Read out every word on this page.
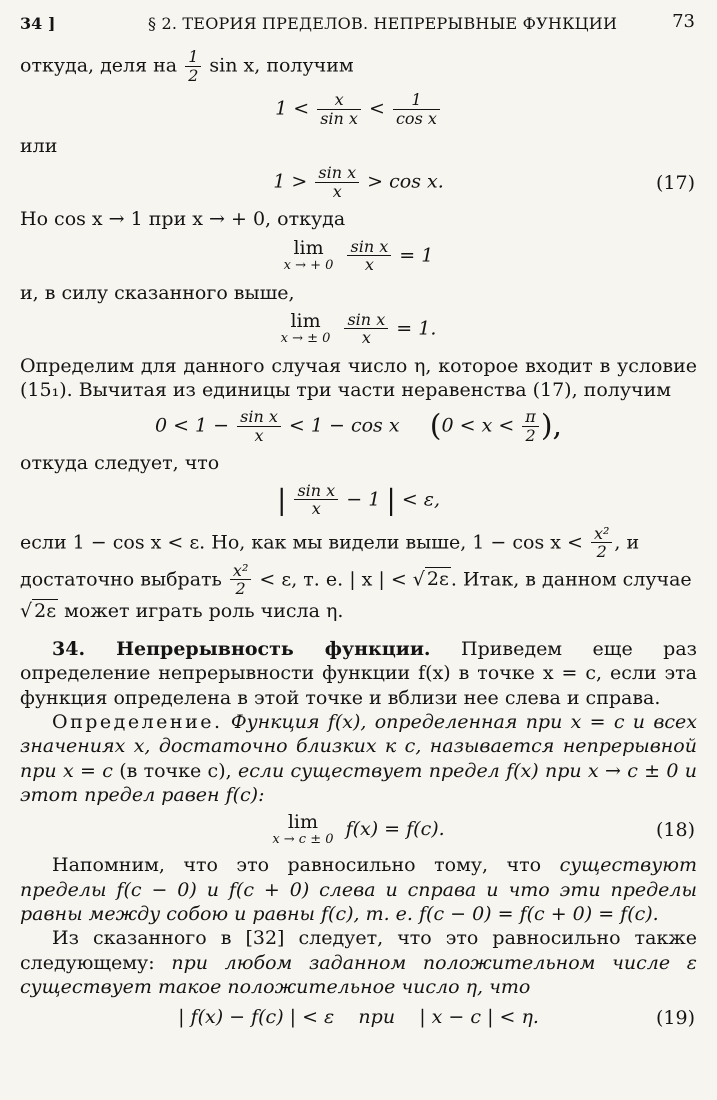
34 ]	§ 2. ТЕОРИЯ ПРЕДЕЛОВ. НЕПРЕРЫВНЫЕ ФУНКЦИИ	73

откуда, деля на $\frac{1}{2}$ sin x, получим

$1 < \frac{x}{\text{sin x}} < \frac{1}{\text{cos x}}$

или

$1 > \frac{\text{sin x}}{x} > \cos x$.	(17)

Но cos x → 1 при x → + 0, откуда

lim
x → + 0
$\frac{\text{sin x}}{x} = 1$

и, в силу сказанного выше,

lim
x → ± 0
$\frac{\text{sin x}}{x} = 1$.

Определим для данного случая число η, которое входит в условие (15₁). Вычитая из единицы три части неравенства (17), получим

$0 < 1 - \frac{\text{sin x}}{x} < 1 - \cos x$ ($0 < x < \frac{\pi}{2}$ ),

откуда следует, что

| $\frac{\text{sin x}}{x} - 1$ | < ε,

если 1 − cos x < ε. Но, как мы видели выше, $1 - \cos x < \frac{\text{x²}}{2}$ , и

достаточно выбрать $\frac{\text{x²}}{2} < \varepsilon$, т. е. | x | < √ 2ε . Итак, в данном случае

√ 2ε может играть роль числа η.

34. Непрерывность функции. Приведем еще раз определение непрерывности функции f(x) в точке x = c, если эта функция определена в этой точке и вблизи нее слева и справа.

Определение. Функция f(x), определенная при x = c и всех значениях x, достаточно близких к c, называется непрерывной при x = c (в точке c), если существует предел f(x) при x → c ± 0 и этот предел равен f(c):

lim
x → c ± 0 f(x) = f(c).	(18)

Напомним, что это равносильно тому, что существуют пределы f(c − 0) и f(c + 0) слева и справа и что эти пределы равны между собою и равны f(c), т. е. f(c − 0) = f(c + 0) = f(c).

Из сказанного в [32] следует, что это равносильно также следующему: при любом заданном положительном числе ε существует такое положительное число η, что

| f(x) − f(c) | < ε при | x − c | < η.	(19)
